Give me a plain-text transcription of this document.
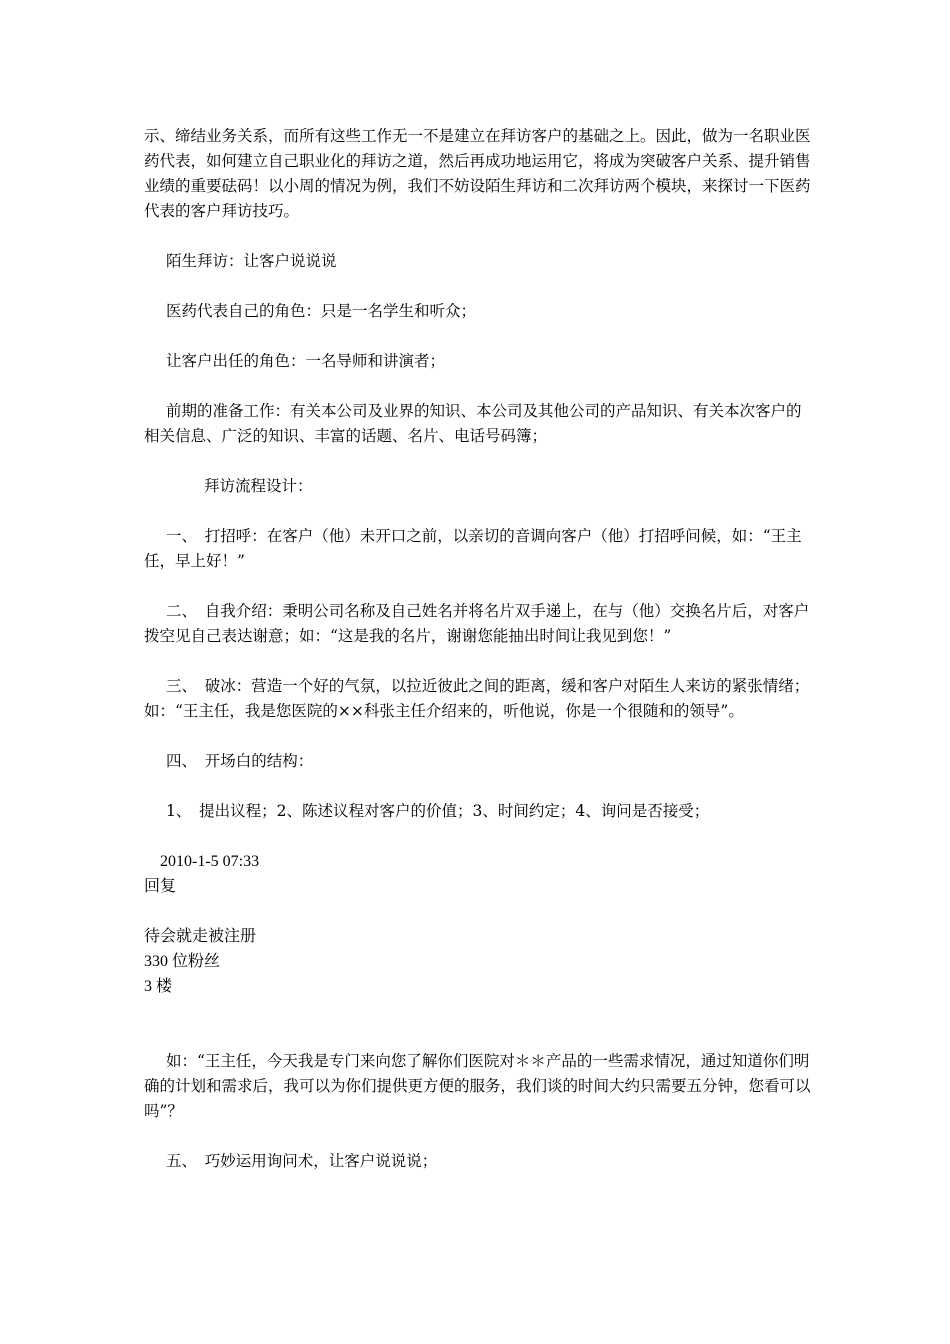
示、缔结业务关系，而所有这些工作无一不是建立在拜访客户的基础之上。因此，做为一名职业医药代表，如何建立自己职业化的拜访之道，然后再成功地运用它，将成为突破客户关系、提升销售业绩的重要砝码！以小周的情况为例，我们不妨设陌生拜访和二次拜访两个模块，来探讨一下医药代表的客户拜访技巧。

陌生拜访：让客户说说说

医药代表自己的角色：只是一名学生和听众；

让客户出任的角色：一名导师和讲演者；

前期的准备工作：有关本公司及业界的知识、本公司及其他公司的产品知识、有关本次客户的相关信息、广泛的知识、丰富的话题、名片、电话号码簿；

拜访流程设计：

一、　打招呼：在客户（他）未开口之前，以亲切的音调向客户（他）打招呼问候，如：“王主任，早上好！”

二、　自我介绍：秉明公司名称及自己姓名并将名片双手递上，在与（他）交换名片后，对客户拨空见自己表达谢意；如：“这是我的名片，谢谢您能抽出时间让我见到您！”

三、　破冰：营造一个好的气氛，以拉近彼此之间的距离，缓和客户对陌生人来访的紧张情绪；如：“王主任，我是您医院的××科张主任介绍来的，听他说，你是一个很随和的领导”。

四、　开场白的结构：

1、　提出议程；2、陈述议程对客户的价值；3、时间约定；4、询问是否接受；

2010-1-5 07:33

回复

待会就走被注册

330 位粉丝

3 楼

如：“王主任，今天我是专门来向您了解你们医院对＊＊产品的一些需求情况，通过知道你们明确的计划和需求后，我可以为你们提供更方便的服务，我们谈的时间大约只需要五分钟，您看可以吗”？

五、　巧妙运用询问术，让客户说说说；
